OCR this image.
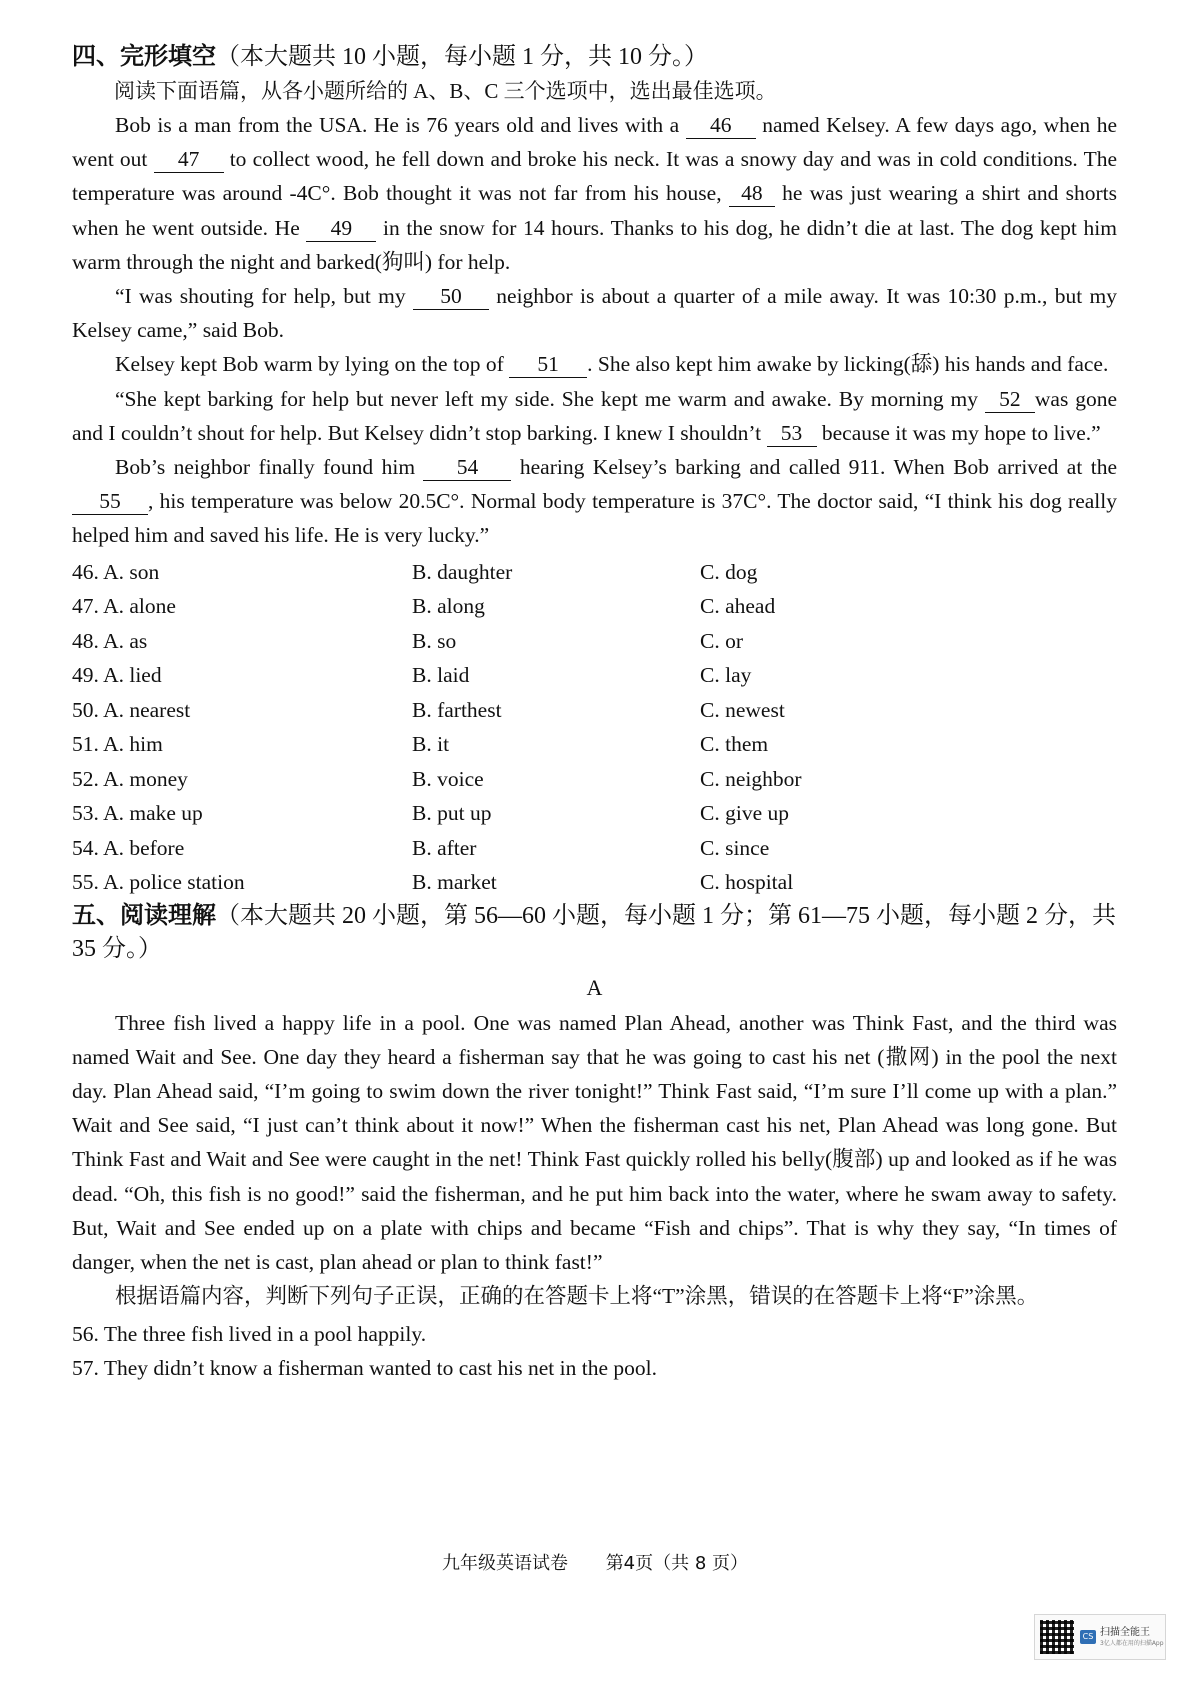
四、完形填空（本大题共 10 小题，每小题 1 分，共 10 分。）

阅读下面语篇，从各小题所给的 A、B、C 三个选项中，选出最佳选项。

Bob is a man from the USA. He is 76 years old and lives with a 46 named Kelsey. A few days ago, when he went out 47 to collect wood, he fell down and broke his neck. It was a snowy day and was in cold conditions. The temperature was around -4C°. Bob thought it was not far from his house, 48 he was just wearing a shirt and shorts when he went outside. He 49 in the snow for 14 hours. Thanks to his dog, he didn’t die at last. The dog kept him warm through the night and barked(狗叫) for help.

“I was shouting for help, but my 50 neighbor is about a quarter of a mile away. It was 10:30 p.m., but my Kelsey came,” said Bob.

Kelsey kept Bob warm by lying on the top of 51 . She also kept him awake by licking(舔) his hands and face.

“She kept barking for help but never left my side. She kept me warm and awake. By morning my 52 was gone and I couldn’t shout for help. But Kelsey didn’t stop barking. I knew I shouldn’t 53 because it was my hope to live.”

Bob’s neighbor finally found him 54 hearing Kelsey’s barking and called 911. When Bob arrived at the 55 , his temperature was below 20.5C°. Normal body temperature is 37C°. The doctor said, “I think his dog really helped him and saved his life. He is very lucky.”

46. A. son	B. daughter	C. dog
47. A. alone	B. along	C. ahead
48. A. as	B. so	C. or
49. A. lied	B. laid	C. lay
50. A. nearest	B. farthest	C. newest
51. A. him	B. it	C. them
52. A. money	B. voice	C. neighbor
53. A. make up	B. put up	C. give up
54. A. before	B. after	C. since
55. A. police station	B. market	C. hospital
五、阅读理解（本大题共 20 小题，第 56—60 小题，每小题 1 分；第 61—75 小题，每小题 2 分，共 35 分。）

A

Three fish lived a happy life in a pool. One was named Plan Ahead, another was Think Fast, and the third was named Wait and See. One day they heard a fisherman say that he was going to cast his net (撒网) in the pool the next day. Plan Ahead said, “I’m going to swim down the river tonight!” Think Fast said, “I’m sure I’ll come up with a plan.” Wait and See said, “I just can’t think about it now!” When the fisherman cast his net, Plan Ahead was long gone. But Think Fast and Wait and See were caught in the net! Think Fast quickly rolled his belly(腹部) up and looked as if he was dead. “Oh, this fish is no good!” said the fisherman, and he put him back into the water, where he swam away to safety. But, Wait and See ended up on a plate with chips and became “Fish and chips”. That is why they say, “In times of danger, when the net is cast, plan ahead or plan to think fast!”

根据语篇内容，判断下列句子正误，正确的在答题卡上将“T”涂黑，错误的在答题卡上将“F”涂黑。

56. The three fish lived in a pool happily.

57. They didn’t know a fisherman wanted to cast his net in the pool.

九年级英语试卷 第4页（共 8 页）
CS 扫描全能王
3亿人都在用的扫描App
